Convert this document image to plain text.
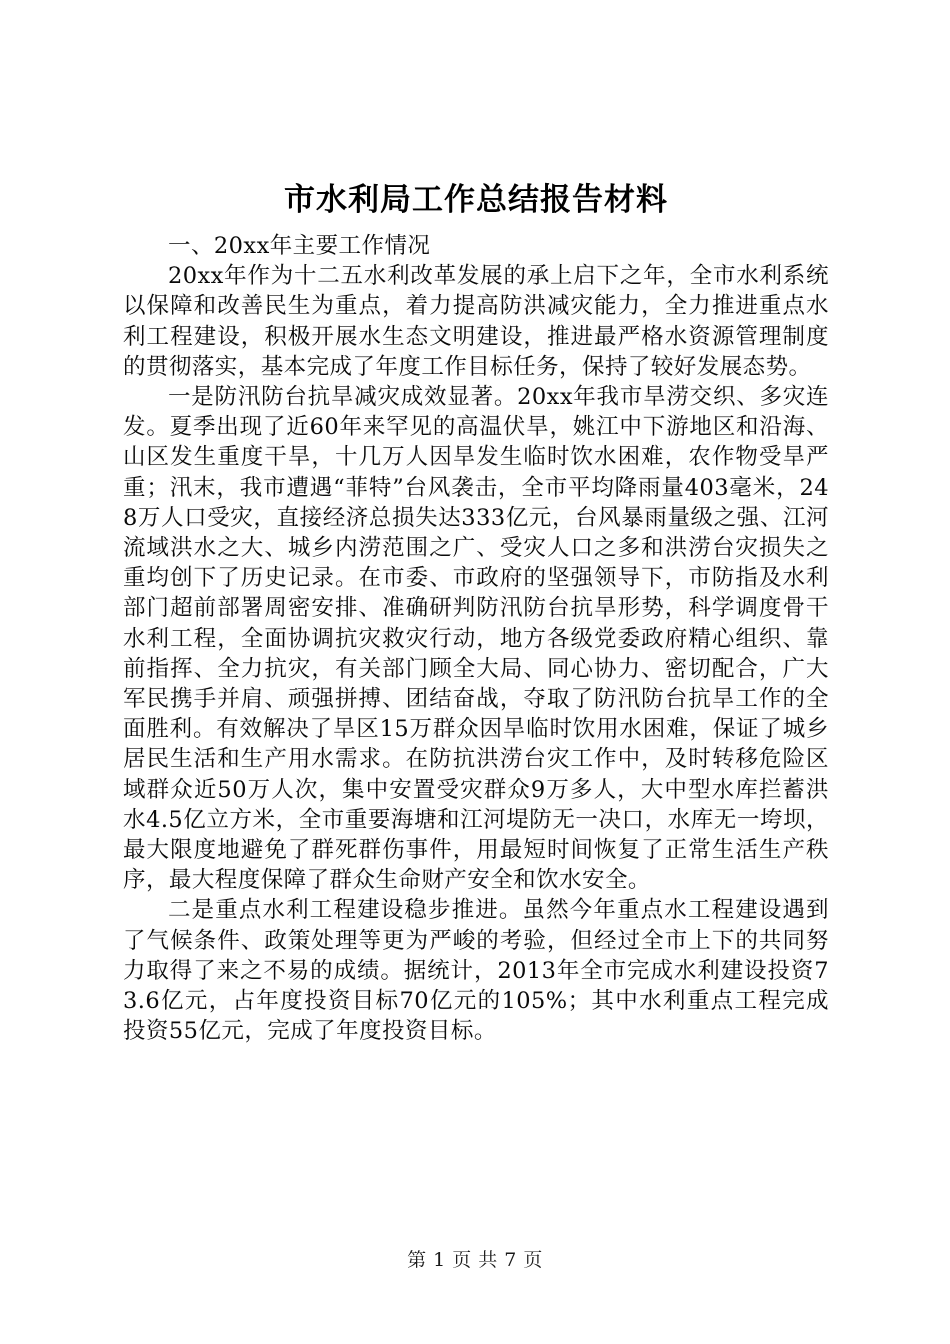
市水利局工作总结报告材料

一、20xx年主要工作情况

20xx年作为十二五水利改革发展的承上启下之年，全市水利系统以保障和改善民生为重点，着力提高防洪减灾能力，全力推进重点水利工程建设，积极开展水生态文明建设，推进最严格水资源管理制度的贯彻落实，基本完成了年度工作目标任务，保持了较好发展态势。

一是防汛防台抗旱减灾成效显著。20xx年我市旱涝交织、多灾连发。夏季出现了近60年来罕见的高温伏旱，姚江中下游地区和沿海、山区发生重度干旱，十几万人因旱发生临时饮水困难，农作物受旱严重；汛末，我市遭遇“菲特”台风袭击，全市平均降雨量403毫米，248万人口受灾，直接经济总损失达333亿元，台风暴雨量级之强、江河流域洪水之大、城乡内涝范围之广、受灾人口之多和洪涝台灾损失之重均创下了历史记录。在市委、市政府的坚强领导下，市防指及水利部门超前部署周密安排、准确研判防汛防台抗旱形势，科学调度骨干水利工程，全面协调抗灾救灾行动，地方各级党委政府精心组织、靠前指挥、全力抗灾，有关部门顾全大局、同心协力、密切配合，广大军民携手并肩、顽强拼搏、团结奋战，夺取了防汛防台抗旱工作的全面胜利。有效解决了旱区15万群众因旱临时饮用水困难，保证了城乡居民生活和生产用水需求。在防抗洪涝台灾工作中，及时转移危险区域群众近50万人次，集中安置受灾群众9万多人，大中型水库拦蓄洪水4.5亿立方米，全市重要海塘和江河堤防无一决口，水库无一垮坝，最大限度地避免了群死群伤事件，用最短时间恢复了正常生活生产秩序，最大程度保障了群众生命财产安全和饮水安全。

二是重点水利工程建设稳步推进。虽然今年重点水工程建设遇到了气候条件、政策处理等更为严峻的考验，但经过全市上下的共同努力取得了来之不易的成绩。据统计，2013年全市完成水利建设投资73.6亿元，占年度投资目标70亿元的105%；其中水利重点工程完成投资55亿元，完成了年度投资目标。

第 1 页 共 7 页
